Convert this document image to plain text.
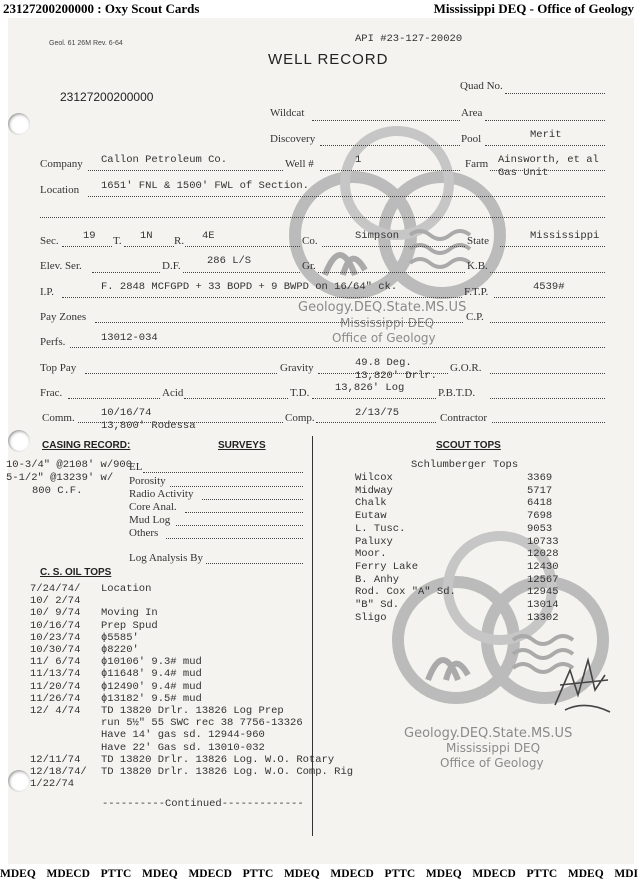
23127200200000 : Oxy Scout Cards	Mississippi DEQ - Office of Geology
Geology.DEQ.State.MS.US
Mississippi DEQ
Office of Geology
Geology.DEQ.State.MS.US
Mississippi DEQ
Office of Geology
Geol. 61 26M Rev. 6-64	API #23-127-20020
WELL RECORD
23127200200000
Quad No.
Wildcat	Area
Discovery	Pool	Merit
Company Callon Petroleum Co.	Well #	1	Farm Ainsworth, et al
Gas Unit
Location 1651' FNL & 1500' FWL of Section.
Sec. 19 T. 1N R. 4E	Co.	Simpson	State	Mississippi
Elev. Ser.	D.F.	286 L/S	Gr.	K.B.
I.P.	F. 2848 MCFGPD + 33 BOPD + 9 BWPD on 16/64" ck.	F.T.P.	4539#
Pay Zones	C.P.
Perfs.	13012-034
Top Pay	Gravity	49.8 Deg.	G.O.R.
13,820' Drlr.
Frac.	Acid	T.D. 13,826' Log	P.B.T.D.
Comm.	10/16/74
13,800' Rodessa
Comp.	2/13/75	Contractor
CASING RECORD:
10-3/4" @2108' w/900
5-1/2" @13239' w/
800 C.F.
SURVEYS
EL
Porosity
Radio Activity
Core Anal.
Mud Log
Others
Log Analysis By
SCOUT TOPS
Schlumberger Tops
Wilcox	3369
Midway	5717
Chalk	6418
Eutaw	7698
L. Tusc.	9053
Paluxy	10733
Moor.	12028
Ferry Lake	12430
B. Anhy	12567
Rod. Cox "A" Sd.	12945
"B" Sd.	13014
Sligo	13302
C. S. OIL TOPS
7/24/74/ Location
10/ 2/74
10/ 9/74 Moving In
10/16/74 Prep Spud
10/23/74 ϕ5585'
10/30/74 ϕ8220'
11/ 6/74 ϕ10106' 9.3# mud
11/13/74 ϕ11648' 9.4# mud
11/20/74 ϕ12490' 9.4# mud
11/26/74 ϕ13182' 9.5# mud
12/ 4/74 TD 13820 Drlr. 13826 Log Prep
run 5½" 55 SWC rec 38 7756-13326
Have 14' gas sd. 12944-960
Have 22' Gas sd. 13010-032
12/11/74 TD 13820 Drlr. 13826 Log. W.O. Rotary
12/18/74/ TD 13820 Drlr. 13826 Log. W.O. Comp. Rig
1/22/74
----------Continued-------------
MDEQ MDECD PTTC MDEQ MDECD PTTC MDEQ MDECD PTTC MDEQ MDECD PTTC MDEQ MDI
